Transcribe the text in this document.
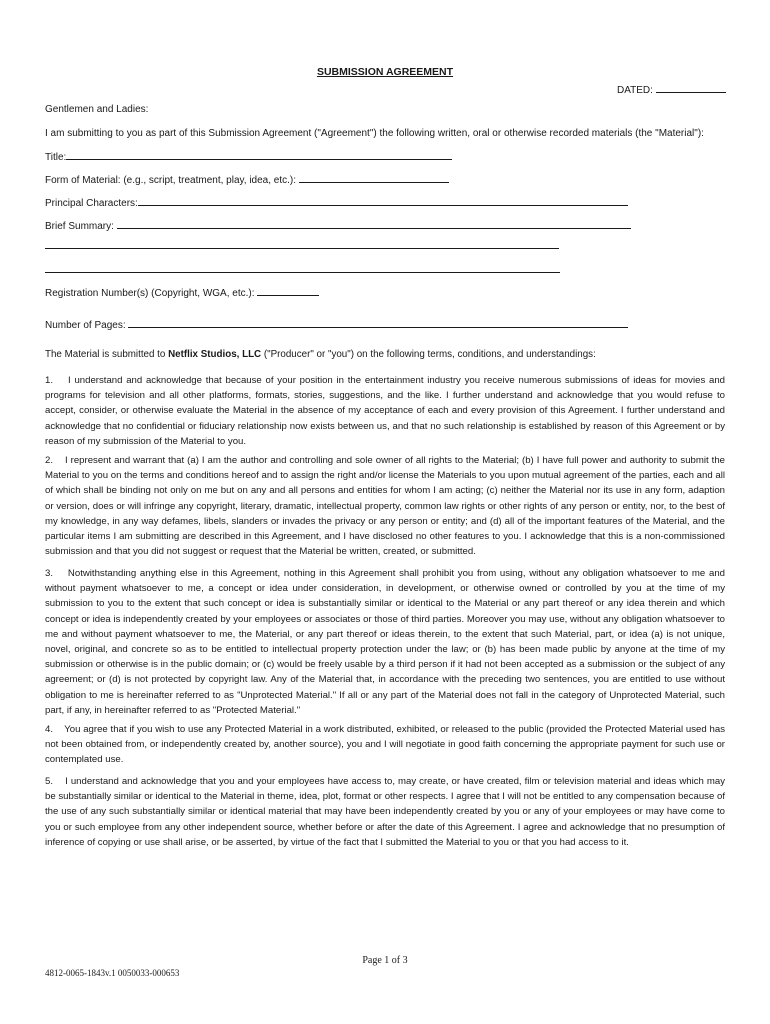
SUBMISSION AGREEMENT
DATED:
Gentlemen and Ladies:
I am submitting to you as part of this Submission Agreement ("Agreement") the following written, oral or otherwise recorded materials (the "Material"):
Title:
Form of Material: (e.g., script, treatment, play, idea, etc.):
Principal Characters:
Brief Summary:
Registration Number(s) (Copyright, WGA, etc.):
Number of Pages:
The Material is submitted to Netflix Studios, LLC ("Producer" or "you") on the following terms, conditions, and understandings:
1.    I understand and acknowledge that because of your position in the entertainment industry you receive numerous submissions of ideas for movies and programs for television and all other platforms, formats, stories, suggestions, and the like. I further understand and acknowledge that you would refuse to accept, consider, or otherwise evaluate the Material in the absence of my acceptance of each and every provision of this Agreement. I further understand and acknowledge that no confidential or fiduciary relationship now exists between us, and that no such relationship is established by reason of this Agreement or by reason of my submission of the Material to you.
2.    I represent and warrant that (a) I am the author and controlling and sole owner of all rights to the Material; (b) I have full power and authority to submit the Material to you on the terms and conditions hereof and to assign the right and/or license the Materials to you upon mutual agreement of the parties, each and all of which shall be binding not only on me but on any and all persons and entities for whom I am acting; (c) neither the Material nor its use in any form, adaption or version, does or will infringe any copyright, literary, dramatic, intellectual property, common law rights or other rights of any person or entity, nor, to the best of my knowledge, in any way defames, libels, slanders or invades the privacy or any person or entity; and (d) all of the important features of the Material, and the particular items I am submitting are described in this Agreement, and I have disclosed no other features to you. I acknowledge that this is a non-commissioned submission and that you did not suggest or request that the Material be written, created, or submitted.
3.    Notwithstanding anything else in this Agreement, nothing in this Agreement shall prohibit you from using, without any obligation whatsoever to me and without payment whatsoever to me, a concept or idea under consideration, in development, or otherwise owned or controlled by you at the time of my submission to you to the extent that such concept or idea is substantially similar or identical to the Material or any part thereof or any idea therein and which concept or idea is independently created by your employees or associates or those of third parties. Moreover you may use, without any obligation whatsoever to me and without payment whatsoever to me, the Material, or any part thereof or ideas therein, to the extent that such Material, part, or idea (a) is not unique, novel, original, and concrete so as to be entitled to intellectual property protection under the law; or (b) has been made public by anyone at the time of my submission or otherwise is in the public domain; or (c) would be freely usable by a third person if it had not been accepted as a submission or the subject of any agreement; or (d) is not protected by copyright law. Any of the Material that, in accordance with the preceding two sentences, you are entitled to use without obligation to me is hereinafter referred to as "Unprotected Material." If all or any part of the Material does not fall in the category of Unprotected Material, such part, if any, in hereinafter referred to as "Protected Material."
4.    You agree that if you wish to use any Protected Material in a work distributed, exhibited, or released to the public (provided the Protected Material used has not been obtained from, or independently created by, another source), you and I will negotiate in good faith concerning the appropriate payment for such use or contemplated use.
5.    I understand and acknowledge that you and your employees have access to, may create, or have created, film or television material and ideas which may be substantially similar or identical to the Material in theme, idea, plot, format or other respects. I agree that I will not be entitled to any compensation because of the use of any such substantially similar or identical material that may have been independently created by you or any of your employees or may have come to you or such employee from any other independent source, whether before or after the date of this Agreement. I agree and acknowledge that no presumption of inference of copying or use shall arise, or be asserted, by virtue of the fact that I submitted the Material to you or that you had access to it.
Page 1 of 3
4812-0065-1843v.1 0050033-000653
